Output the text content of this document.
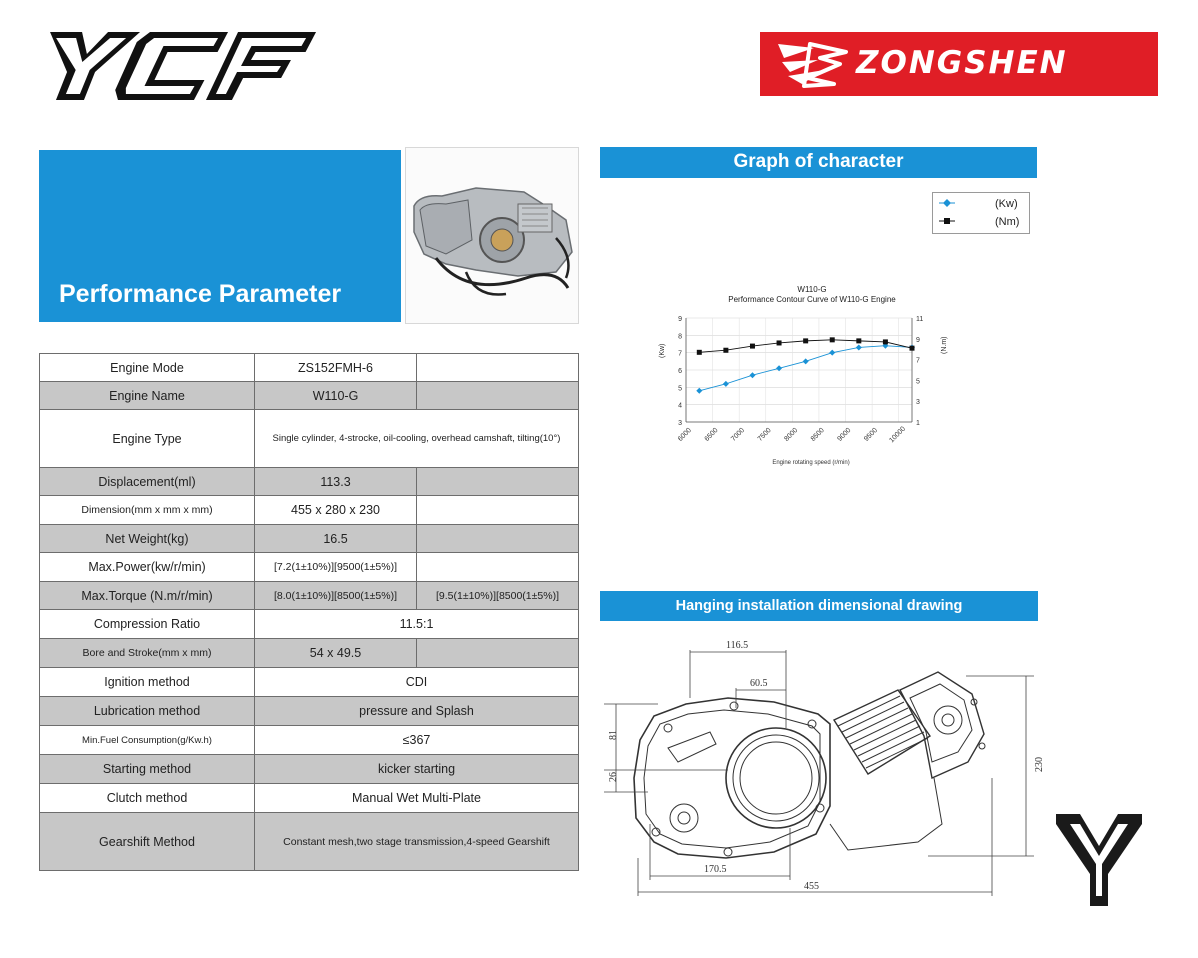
YCF
ZONGSHEN
Performance Parameter
Engine Mode	ZS152FMH-6	
Engine Name	W110-G	
Engine Type	Single cylinder, 4-strocke, oil-cooling, overhead camshaft, tilting(10°)	
Displacement(ml)	113.3	
Dimension(mm x mm x mm)	455 x 280 x 230	
Net Weight(kg)	16.5	
Max.Power(kw/r/min)	[7.2(1±10%)][9500(1±5%)]	
Max.Torque (N.m/r/min)	[8.0(1±10%)][8500(1±5%)]	[9.5(1±10%)][8500(1±5%)]
Compression Ratio	11.5:1	
Bore and Stroke(mm x mm)	54 x 49.5	
Ignition method	CDI	
Lubrication method	pressure and Splash	
Min.Fuel Consumption(g/Kw.h)	≤367	
Starting method	kicker starting	
Clutch method	Manual Wet Multi-Plate	
Gearshift Method	Constant mesh,two stage transmission,4-speed Gearshift	
Graph of character
(Kw)
(Nm)
W110-G
Performance Contour Curve of W110-G Engine
3
4
5
6
7
8
9
1
3
5
7
9
11
6000 6500 7000 7500 8000 8500 9000 9500 10000
(Kw)	(N.m)
Engine rotating speed (r/min)
Hanging installation dimensional drawing
116.5
60.5
81
26
230
170.5
455
